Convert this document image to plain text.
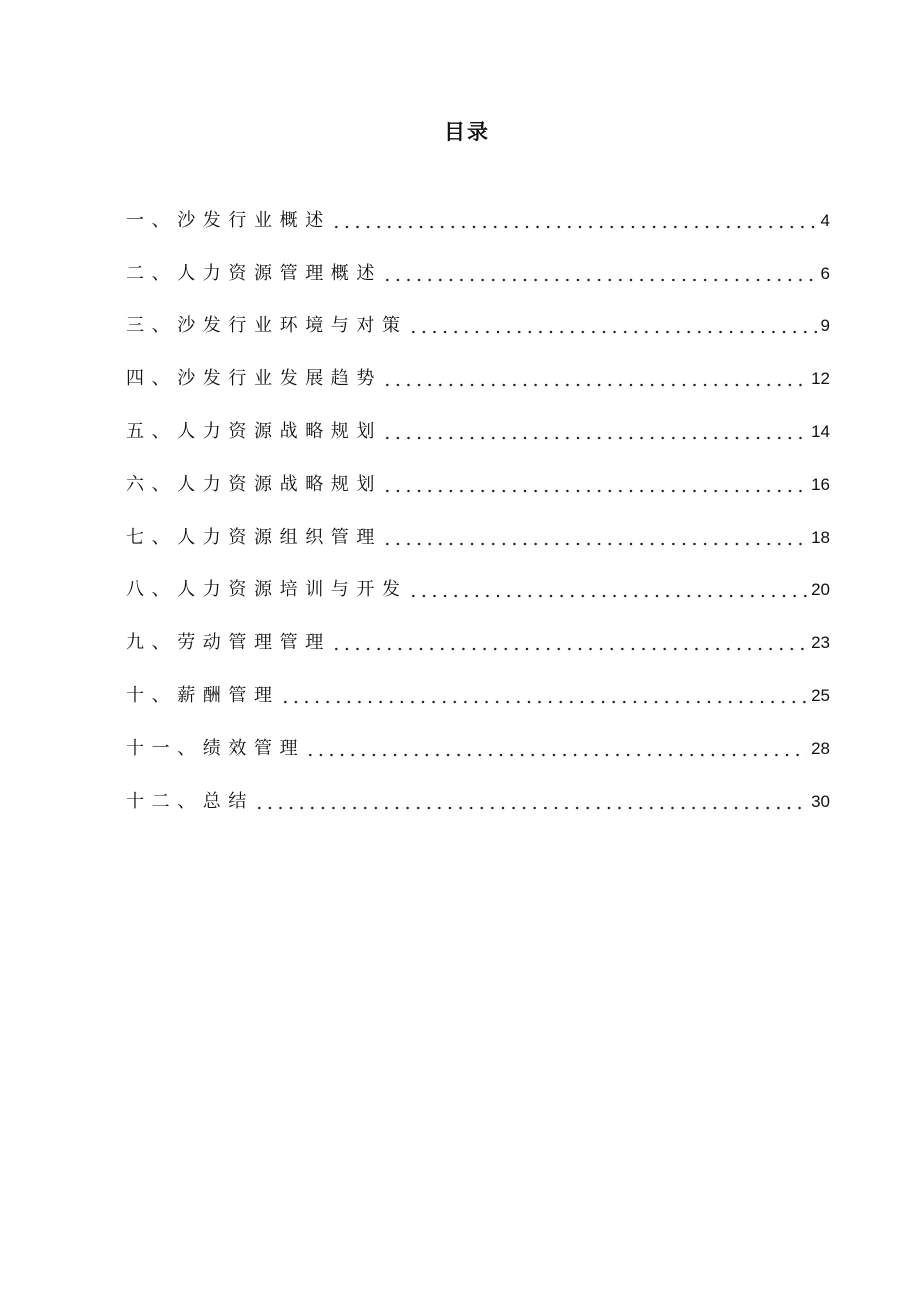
目录
一、沙发行业概述	4
二、人力资源管理概述	6
三、沙发行业环境与对策	9
四、沙发行业发展趋势	12
五、人力资源战略规划	14
六、人力资源战略规划	16
七、人力资源组织管理	18
八、人力资源培训与开发	20
九、劳动管理管理	23
十、薪酬管理	25
十一、绩效管理	28
十二、总结	30
